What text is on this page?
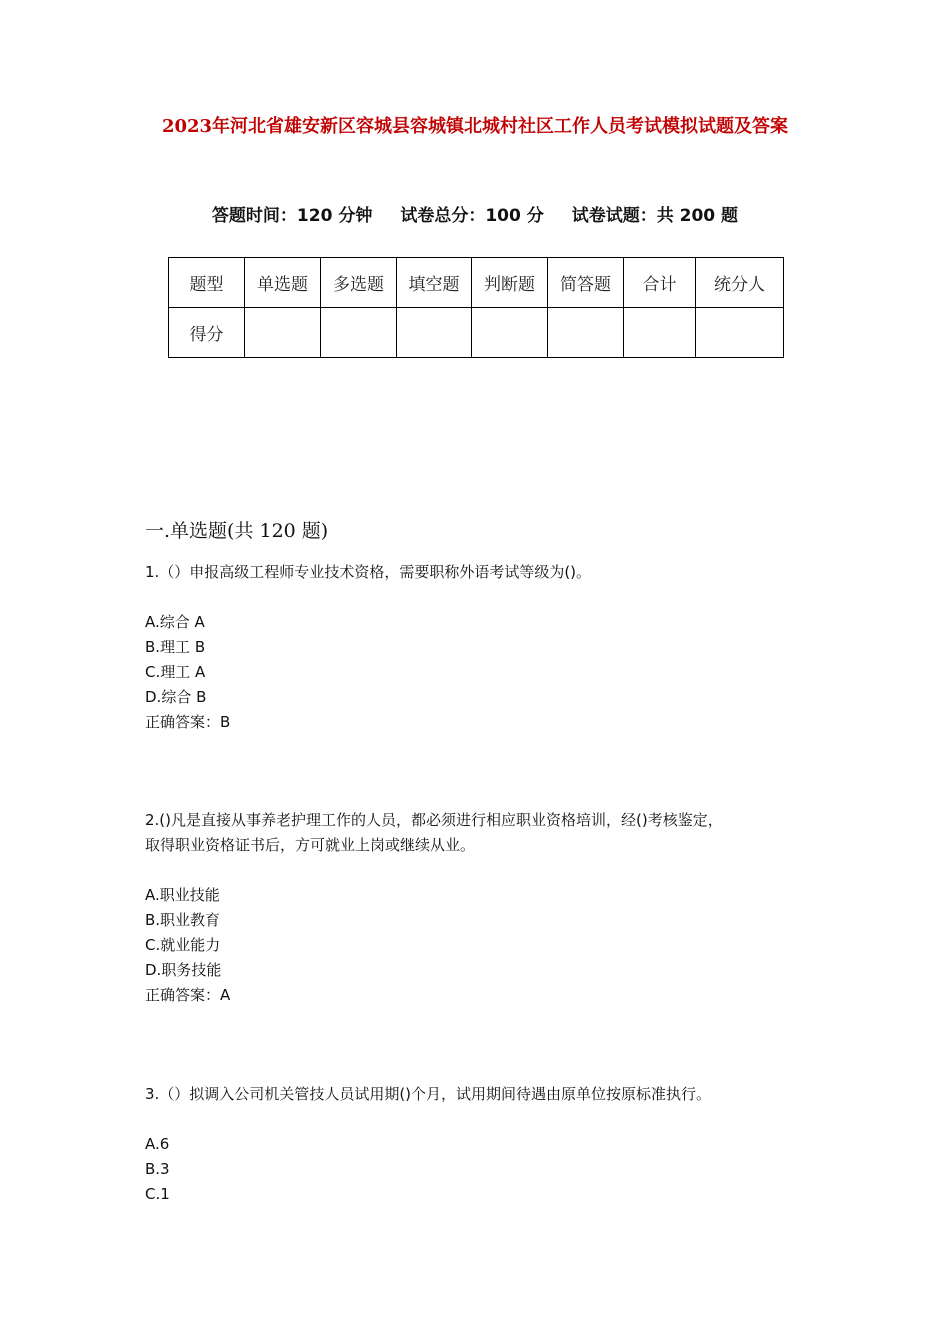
2023年河北省雄安新区容城县容城镇北城村社区工作人员考试模拟试题及答案
答题时间：120 分钟 试卷总分：100 分 试卷试题：共 200 题
题型	单选题	多选题	填空题	判断题	简答题	合计	统分人
得分							
一.单选题(共 120 题)
1.（）申报高级工程师专业技术资格，需要职称外语考试等级为()。
A.综合 A
B.理工 B
C.理工 A
D.综合 B
正确答案：B
2.()凡是直接从事养老护理工作的人员，都必须进行相应职业资格培训，经()考核鉴定，
取得职业资格证书后，方可就业上岗或继续从业。
A.职业技能
B.职业教育
C.就业能力
D.职务技能
正确答案：A
3.（）拟调入公司机关管技人员试用期()个月，试用期间待遇由原单位按原标准执行。
A.6
B.3
C.1
